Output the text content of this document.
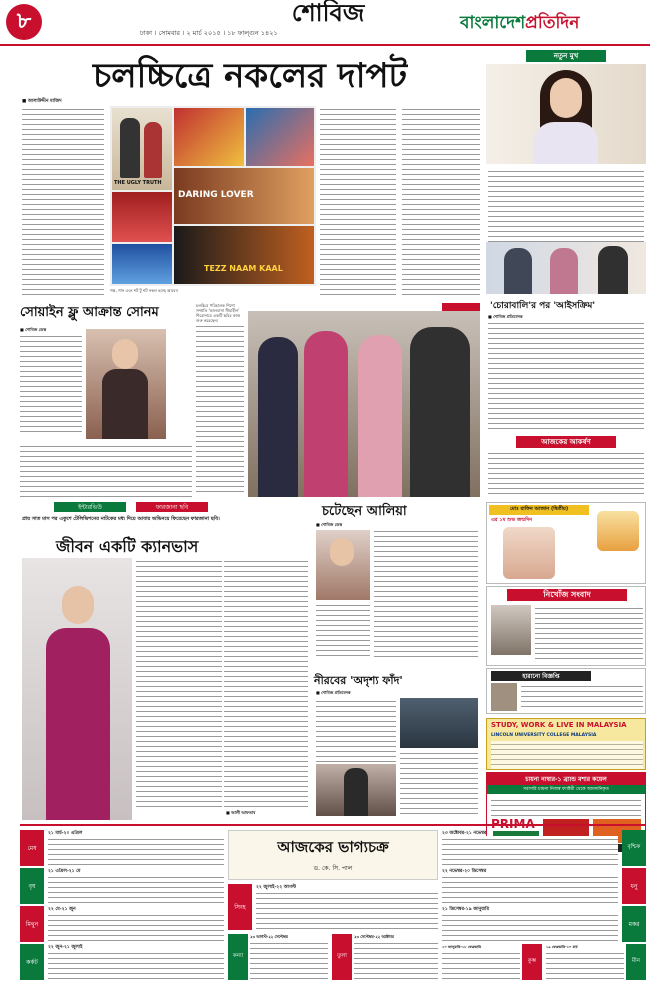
৮	ঢাকা । সোমবার । ২ মার্চ ২০১৫ । ১৮ ফাল্গুন ১৪২১
শোবিজ	বাংলাদেশপ্রতিদিন
চলচ্চিত্রে নকলের দাপট
■ আলাউদ্দীন মাজিদ
THE UGLY TRUTH
DARING LOVER
TEZZ NAAM KAAL
গল্প, গান এবং শট টু শট নকল হচ্ছে আবো।
সোয়াইন ফ্লু আক্রান্ত সোনম
■ শোবিজ ডেস্ক
চলচ্চিত্র পরিচালক শিশো সম্প্রতি 'ভালবাসা সীমাহীন' শিরোনামে একটি ছবির কাজ শুরু করেছেন।
ইন্টারভিউ	ফারজানা ছবি
প্রায় সাত মাস পর একুশে টেলিভিশনের নাটকের মধ্য দিয়ে আবার অভিনয়ে ফিরেছেন ফারজানা ছবি।
জীবন একটি ক্যানভাস
■ আলী আফতাব
চটেছেন আলিয়া
■ শোবিজ ডেস্ক
নীরবের 'অদৃশ্য ফাঁদ'
■ শোবিজ প্রতিবেদক
নতুন মুখ
'চোরাবালি'র পর 'আইসক্রিম'
■ শোবিজ প্রতিবেদক
আজকের আকর্ষণ
মোঃ রাফিন আজান (দ্বিতীয়)
এর ১ম শুভ জন্মদিন
নিখোঁজ সংবাদ
হারানো বিজ্ঞপ্তি
STUDY, WORK & LIVE IN MALAYSIA
LINCOLN UNIVERSITY COLLEGE MALAYSIA
চায়না নাম্বার-১ ব্র্যান্ড মশার কয়েল
সরাসরি চায়না নিজস্ব ফ্যাক্টরী থেকে আমদানিকৃত
PRIMA
আজকের ভাগ্যচক্র
ড. কে. সি. পাল
মেষ
২১ মার্চ-২০ এপ্রিল
বৃষ
২১ এপ্রিল-২১ মে
মিথুন
২২ মে-২১ জুন
কর্কট
২২ জুন-২১ জুলাই
সিংহ
২২ জুলাই-২২ আগস্ট
কন্যা
২৩ আগস্ট-২২ সেপ্টেম্বর
তুলা
২৩ সেপ্টেম্বর-২২ অক্টোবর
২৩ অক্টোবর-২১ নভেম্বর
বৃশ্চিক
২২ নভেম্বর-২০ ডিসেম্বর
ধনু
২১ ডিসেম্বর-১৯ জানুয়ারি
মকর
২০ জানুয়ারি-১৮ ফেব্রুয়ারি
কুম্ভ
১৯ ফেব্রুয়ারি-২০ মার্চ
মীন
